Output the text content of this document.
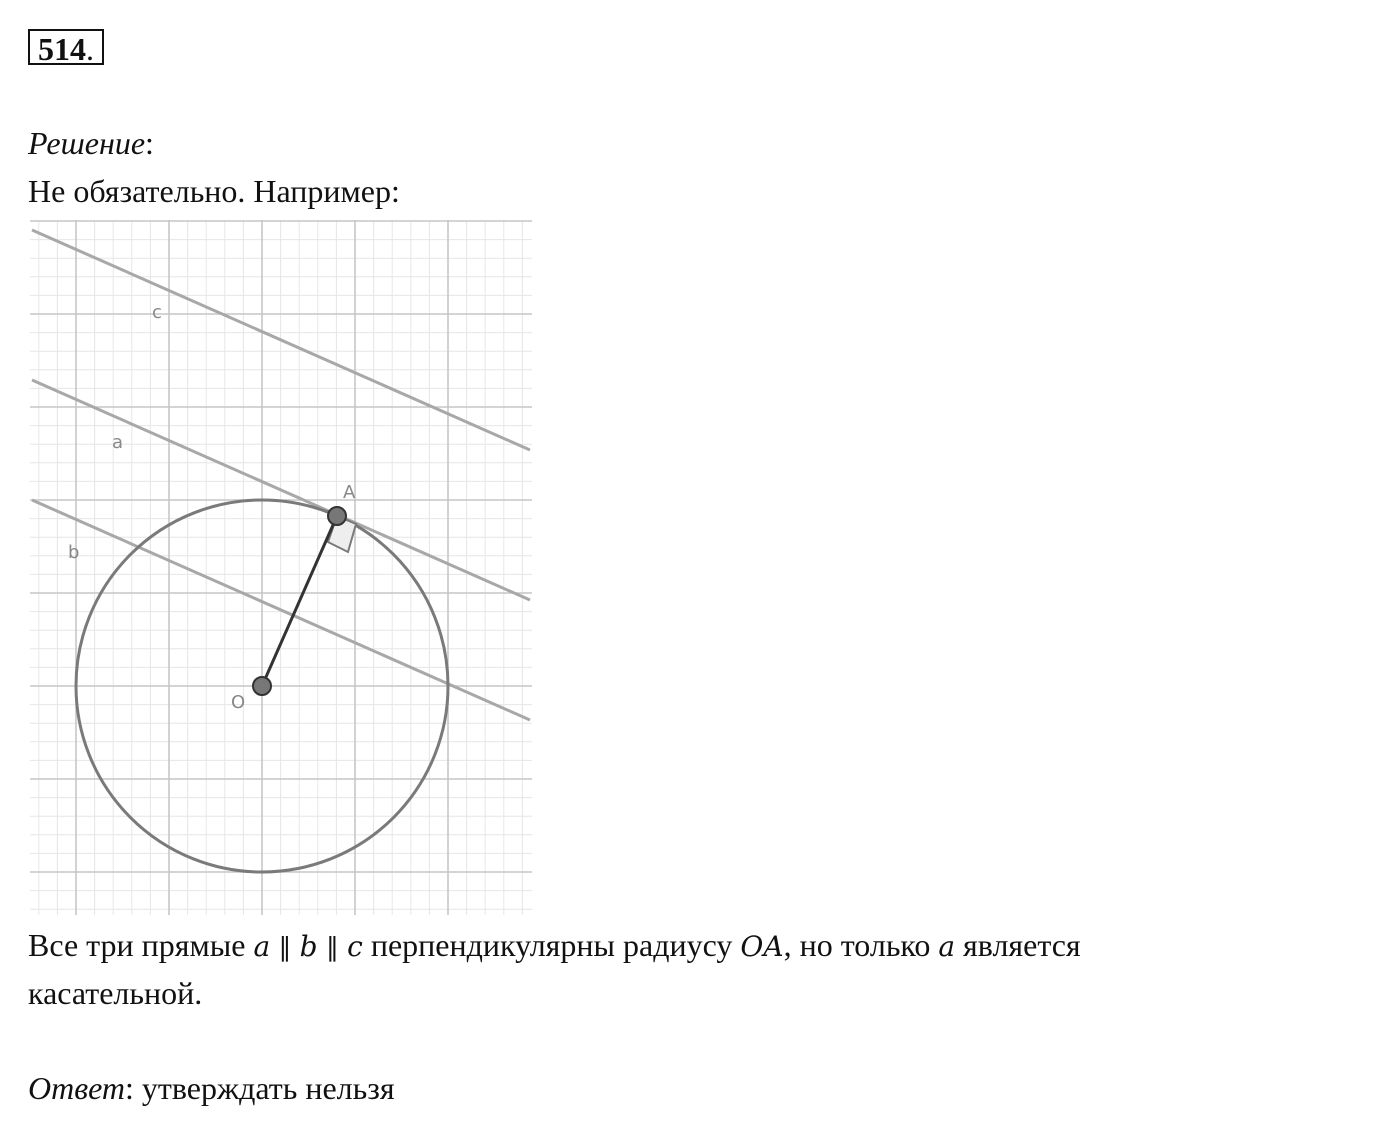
514.
Решение:
Не обязательно. Например:
c
a
b
A
O
Все три прямые a ∥ b ∥ c перпендикулярны радиусу OA, но только a является
касательной.
Ответ: утверждать нельзя
